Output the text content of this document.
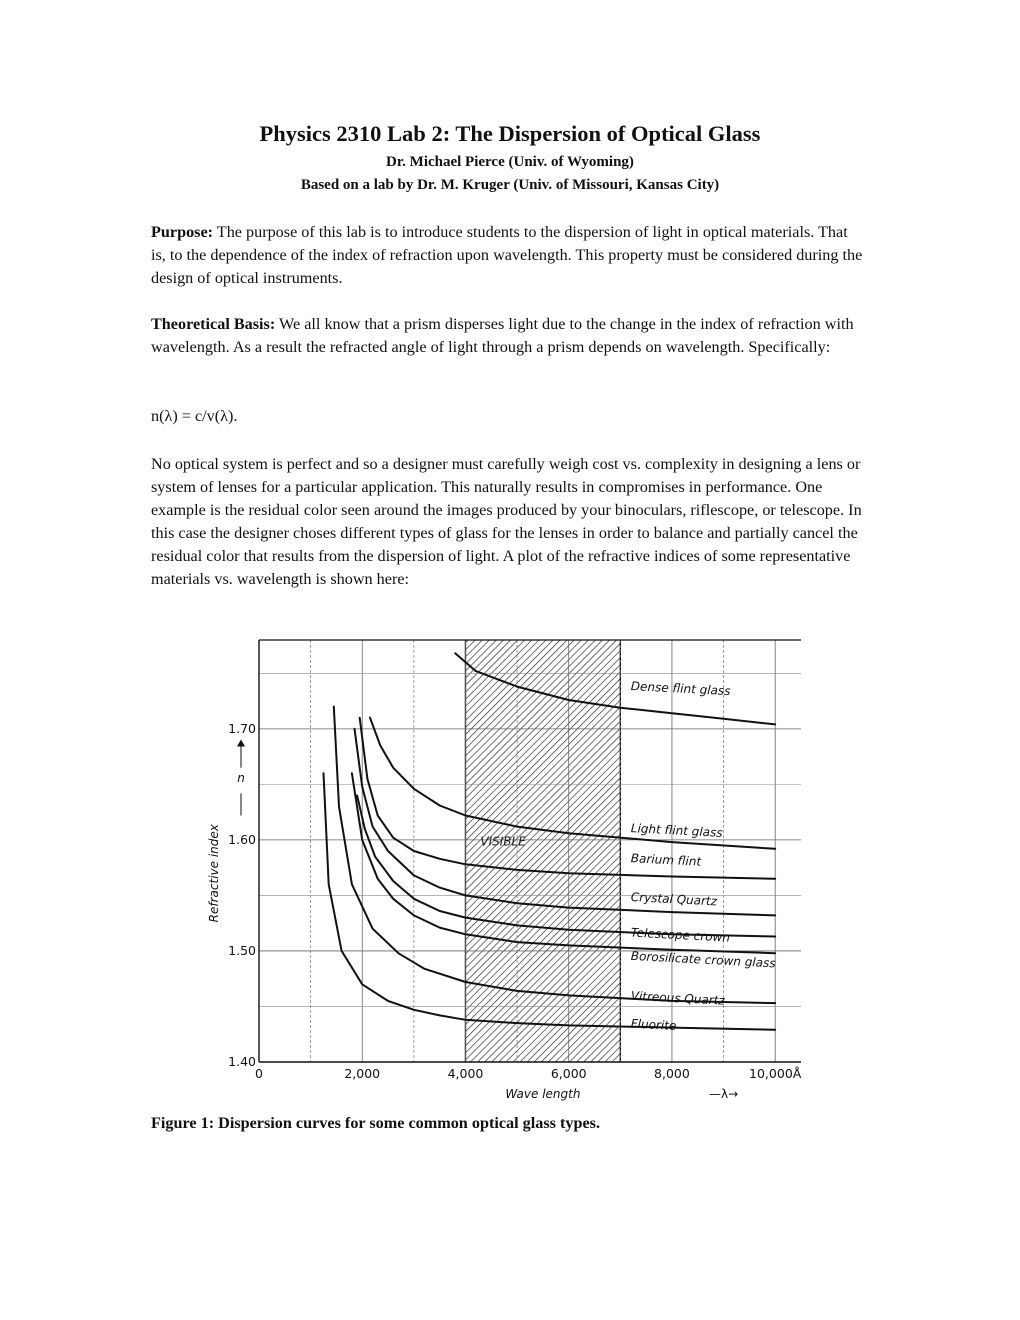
Physics 2310 Lab 2: The Dispersion of Optical Glass
Dr. Michael Pierce (Univ. of Wyoming)
Based on a lab by Dr. M. Kruger (Univ. of Missouri, Kansas City)
Purpose: The purpose of this lab is to introduce students to the dispersion of light in optical materials. That is, to the dependence of the index of refraction upon wavelength. This property must be considered during the design of optical instruments.
Theoretical Basis: We all know that a prism disperses light due to the change in the index of refraction with wavelength. As a result the refracted angle of light through a prism depends on wavelength. Specifically:
n(λ) = c/v(λ).
No optical system is perfect and so a designer must carefully weigh cost vs. complexity in designing a lens or system of lenses for a particular application. This naturally results in compromises in performance. One example is the residual color seen around the images produced by your binoculars, riflescope, or telescope. In this case the designer choses different types of glass for the lenses in order to balance and partially cancel the residual color that results from the dispersion of light. A plot of the refractive indices of some representative materials vs. wavelength is shown here:
VISIBLE
0	2,000	4,000	6,000	8,000	10,000Å
1.40
1.50
1.60
1.70
Wave length	—λ→
Refractive index
n
Dense flint glass
Light flint glass
Barium flint
Crystal Quartz
Telescope crown
Borosilicate crown glass
Vitreous Quartz
Fluorite
Figure 1: Dispersion curves for some common optical glass types.
